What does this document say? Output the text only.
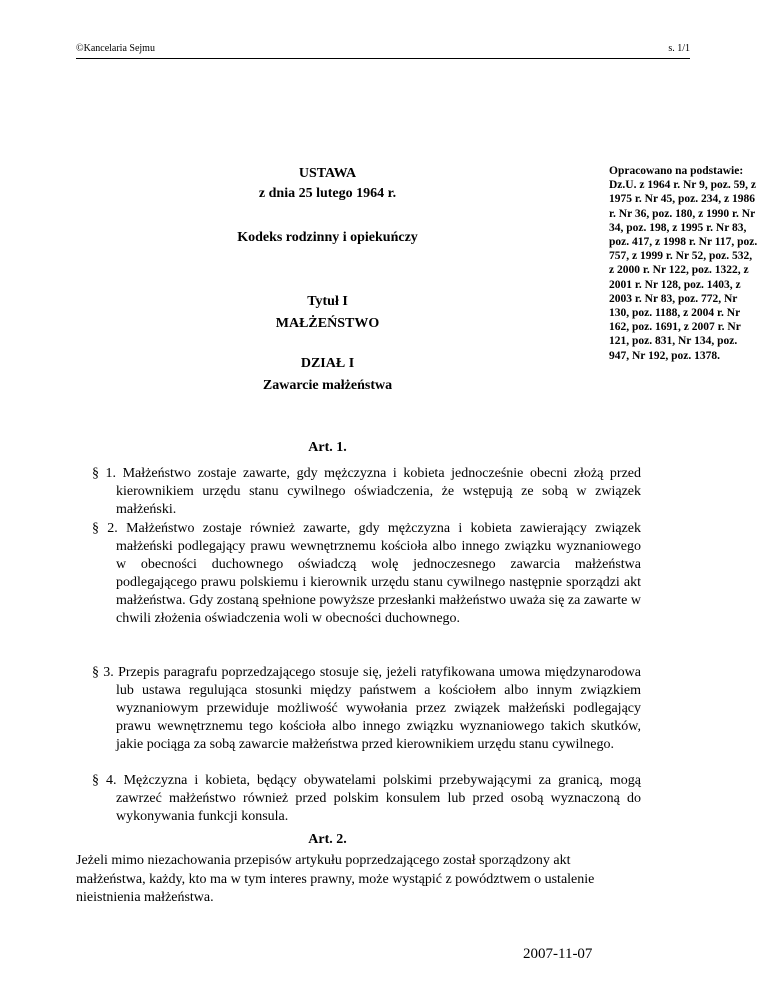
©Kancelaria Sejmu	s. 1/1
Opracowano na podstawie: Dz.U. z 1964 r. Nr 9, poz. 59, z 1975 r. Nr 45, poz. 234, z 1986 r. Nr 36, poz. 180, z 1990 r. Nr 34, poz. 198, z 1995 r. Nr 83, poz. 417, z 1998 r. Nr 117, poz. 757, z 1999 r. Nr 52, poz. 532, z 2000 r. Nr 122, poz. 1322, z 2001 r. Nr 128, poz. 1403, z 2003 r. Nr 83, poz. 772, Nr 130, poz. 1188, z 2004 r. Nr 162, poz. 1691, z 2007 r. Nr 121, poz. 831, Nr 134, poz. 947, Nr 192, poz. 1378.
USTAWA
z dnia 25 lutego 1964 r.
Kodeks rodzinny i opiekuńczy
Tytuł I
MAŁŻEŃSTWO
DZIAŁ I
Zawarcie małżeństwa
Art. 1.
§ 1. Małżeństwo zostaje zawarte, gdy mężczyzna i kobieta jednocześnie obecni złożą przed kierownikiem urzędu stanu cywilnego oświadczenia, że wstępują ze sobą w związek małżeński.
§ 2. Małżeństwo zostaje również zawarte, gdy mężczyzna i kobieta zawierający związek małżeński podlegający prawu wewnętrznemu kościoła albo innego związku wyznaniowego w obecności duchownego oświadczą wolę jednoczesnego zawarcia małżeństwa podlegającego prawu polskiemu i kierownik urzędu stanu cywilnego następnie sporządzi akt małżeństwa. Gdy zostaną spełnione powyższe przesłanki małżeństwo uważa się za zawarte w chwili złożenia oświadczenia woli w obecności duchownego.
§ 3. Przepis paragrafu poprzedzającego stosuje się, jeżeli ratyfikowana umowa międzynarodowa lub ustawa regulująca stosunki między państwem a kościołem albo innym związkiem wyznaniowym przewiduje możliwość wywołania przez związek małżeński podlegający prawu wewnętrznemu tego kościoła albo innego związku wyznaniowego takich skutków, jakie pociąga za sobą zawarcie małżeństwa przed kierownikiem urzędu stanu cywilnego.
§ 4. Mężczyzna i kobieta, będący obywatelami polskimi przebywającymi za granicą, mogą zawrzeć małżeństwo również przed polskim konsulem lub przed osobą wyznaczoną do wykonywania funkcji konsula.
Art. 2.
Jeżeli mimo niezachowania przepisów artykułu poprzedzającego został sporządzony akt małżeństwa, każdy, kto ma w tym interes prawny, może wystąpić z powództwem o ustalenie nieistnienia małżeństwa.
2007-11-07
